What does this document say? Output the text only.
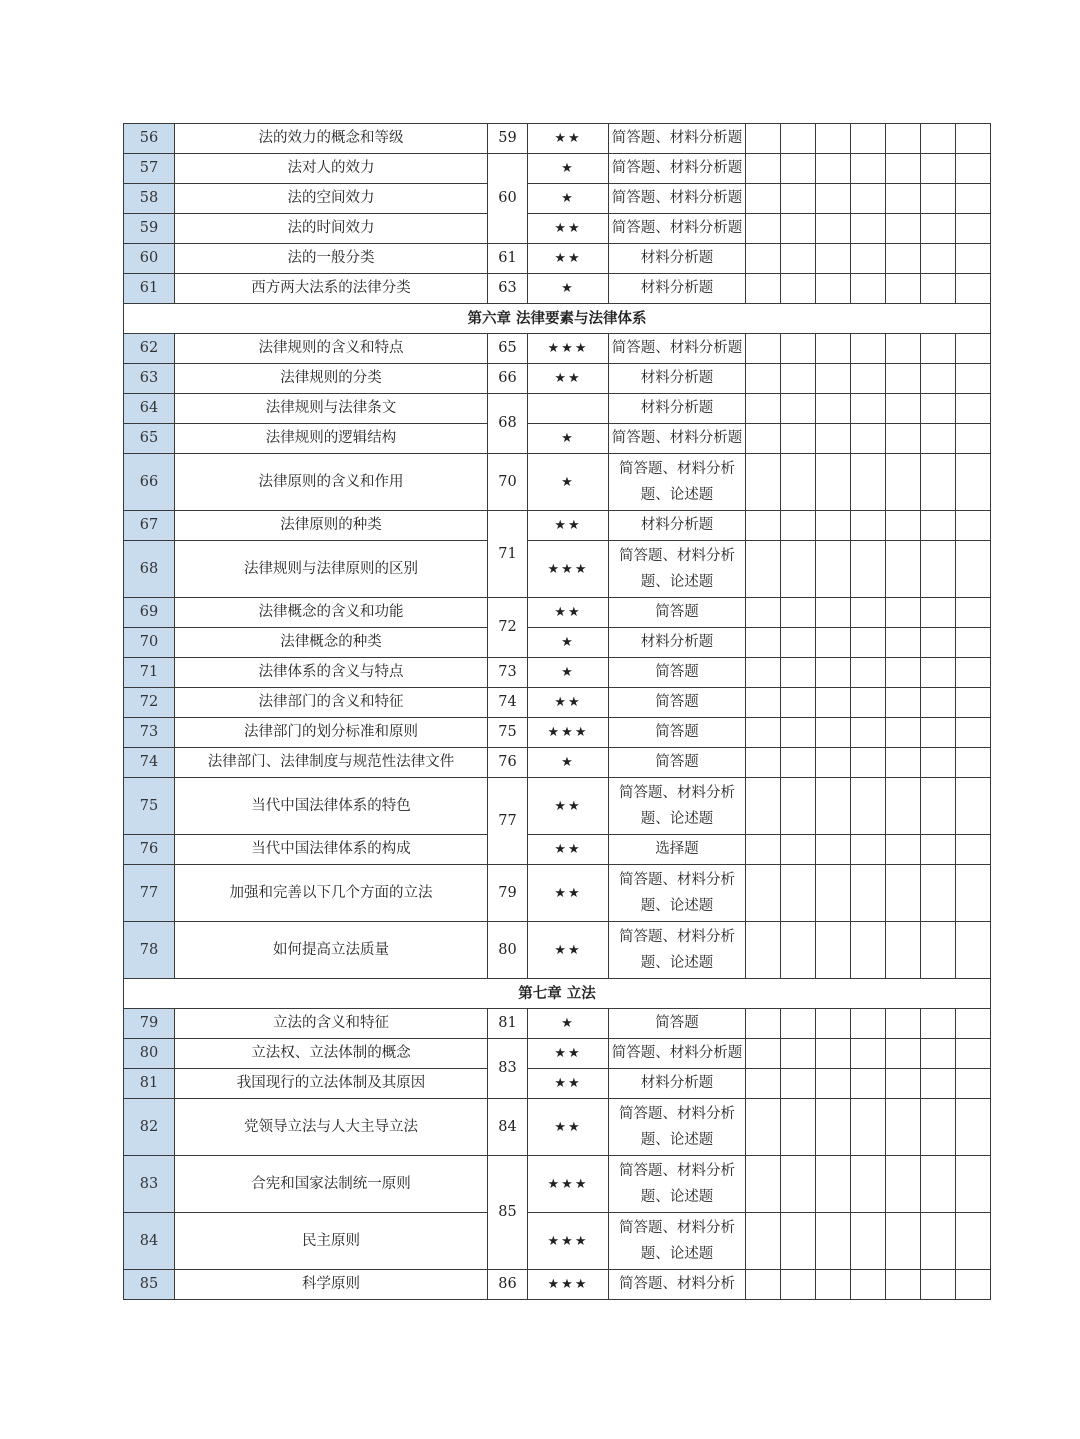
56	法的效力的概念和等级	59	★★	简答题、材料分析题							
57	法对人的效力	60	★	简答题、材料分析题							
58	法的空间效力		★	简答题、材料分析题							
59	法的时间效力		★★	简答题、材料分析题							
60	法的一般分类	61	★★	材料分析题							
61	西方两大法系的法律分类	63	★	材料分析题							
第六章 法律要素与法律体系											
62	法律规则的含义和特点	65	★★★	简答题、材料分析题							
63	法律规则的分类	66	★★	材料分析题							
64	法律规则与法律条文	68		材料分析题							
65	法律规则的逻辑结构		★	简答题、材料分析题							
66	法律原则的含义和作用	70	★	简答题、材料分析题、论述题							
67	法律原则的种类	71	★★	材料分析题							
68	法律规则与法律原则的区别		★★★	简答题、材料分析题、论述题							
69	法律概念的含义和功能	72	★★	简答题							
70	法律概念的种类		★	材料分析题							
71	法律体系的含义与特点	73	★	简答题							
72	法律部门的含义和特征	74	★★	简答题							
73	法律部门的划分标准和原则	75	★★★	简答题							
74	法律部门、法律制度与规范性法律文件	76	★	简答题							
75	当代中国法律体系的特色	77	★★	简答题、材料分析题、论述题							
76	当代中国法律体系的构成		★★	选择题							
77	加强和完善以下几个方面的立法	79	★★	简答题、材料分析题、论述题							
78	如何提高立法质量	80	★★	简答题、材料分析题、论述题							
第七章 立法											
79	立法的含义和特征	81	★	简答题							
80	立法权、立法体制的概念	83	★★	简答题、材料分析题							
81	我国现行的立法体制及其原因		★★	材料分析题							
82	党领导立法与人大主导立法	84	★★	简答题、材料分析题、论述题							
83	合宪和国家法制统一原则	85	★★★	简答题、材料分析题、论述题							
84	民主原则		★★★	简答题、材料分析题、论述题							
85	科学原则	86	★★★	简答题、材料分析							
